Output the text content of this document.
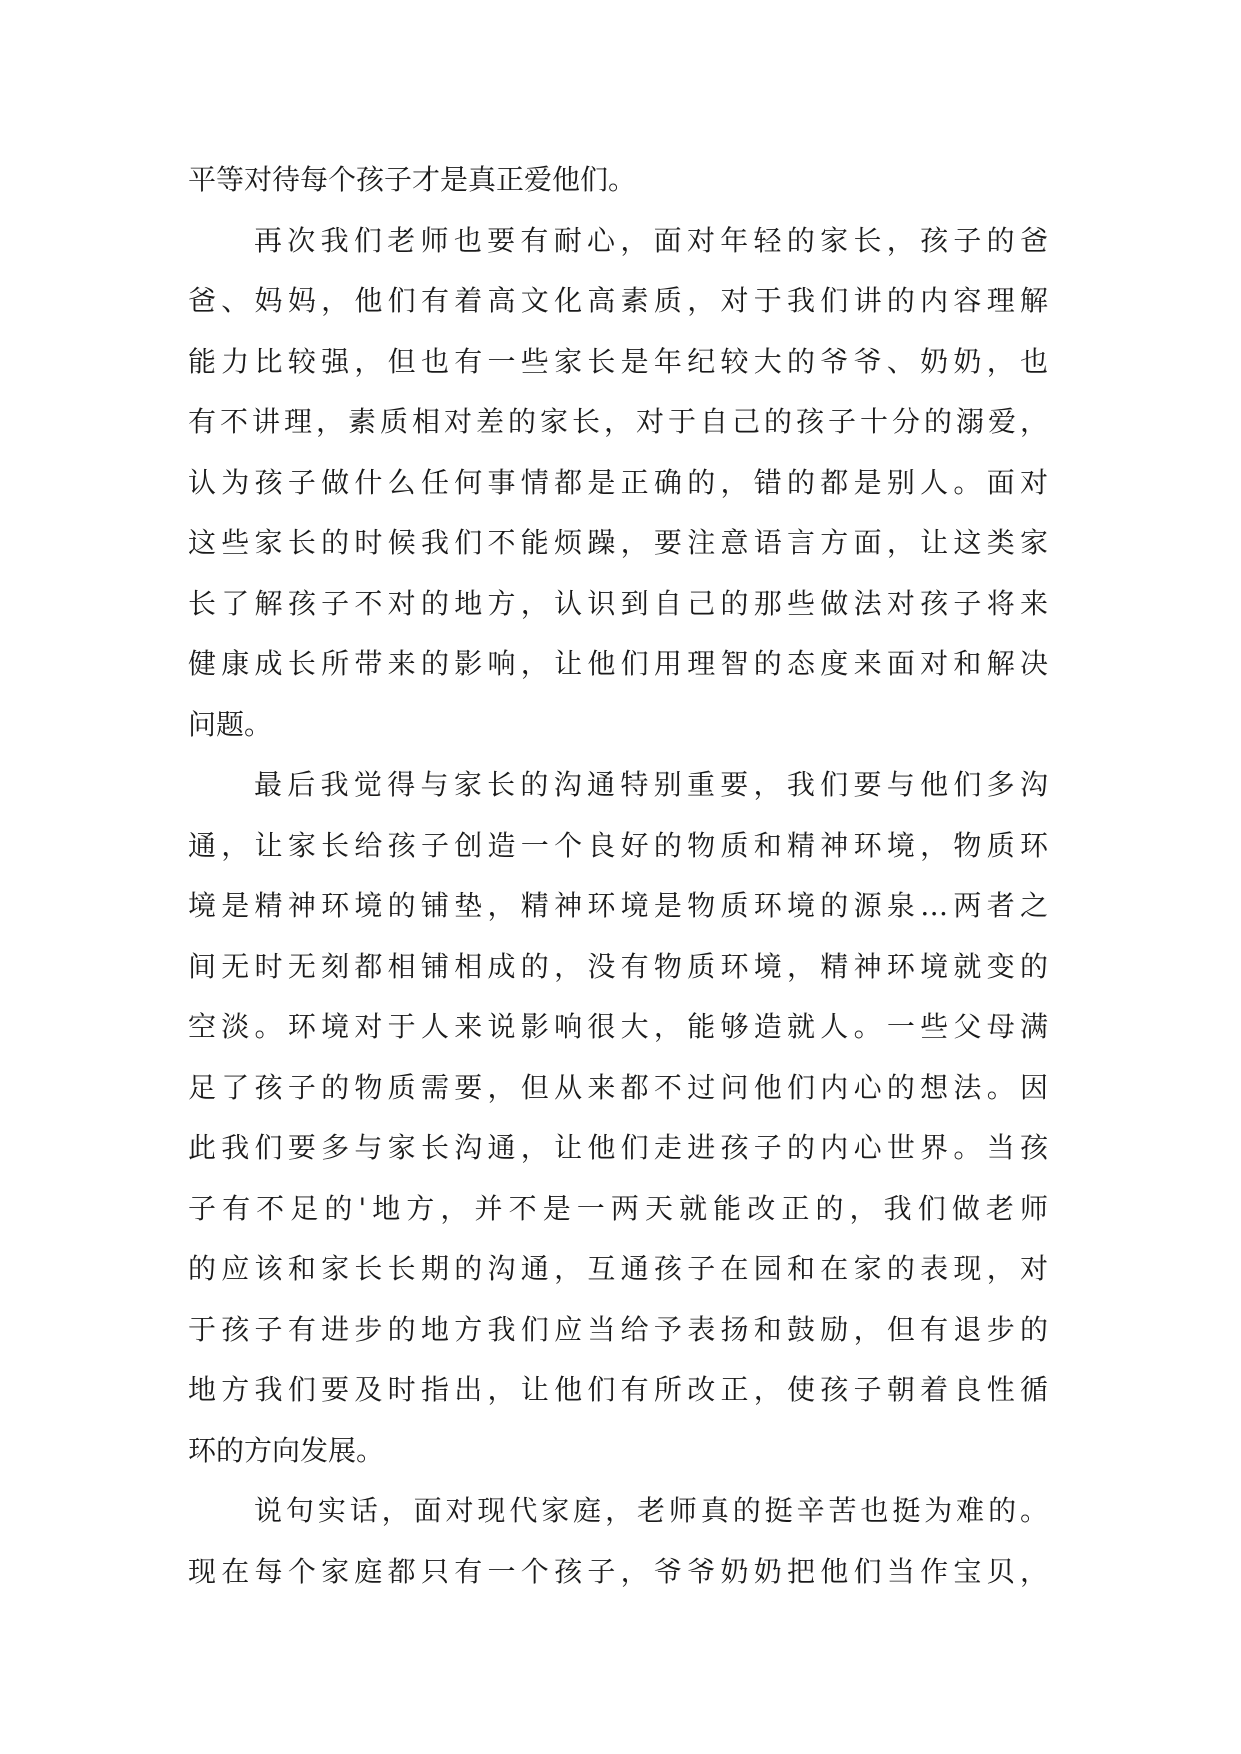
平等对待每个孩子才是真正爱他们。
再次我们老师也要有耐心，面对年轻的家长，孩子的爸
爸、妈妈，他们有着高文化高素质，对于我们讲的内容理解
能力比较强，但也有一些家长是年纪较大的爷爷、奶奶，也
有不讲理，素质相对差的家长，对于自己的孩子十分的溺爱，
认为孩子做什么任何事情都是正确的，错的都是别人。面对
这些家长的时候我们不能烦躁，要注意语言方面，让这类家
长了解孩子不对的地方，认识到自己的那些做法对孩子将来
健康成长所带来的影响，让他们用理智的态度来面对和解决
问题。
最后我觉得与家长的沟通特别重要，我们要与他们多沟
通，让家长给孩子创造一个良好的物质和精神环境，物质环
境是精神环境的铺垫，精神环境是物质环境的源泉…两者之
间无时无刻都相铺相成的，没有物质环境，精神环境就变的
空淡。环境对于人来说影响很大，能够造就人。一些父母满
足了孩子的物质需要，但从来都不过问他们内心的想法。因
此我们要多与家长沟通，让他们走进孩子的内心世界。当孩
子有不足的'地方，并不是一两天就能改正的，我们做老师
的应该和家长长期的沟通，互通孩子在园和在家的表现，对
于孩子有进步的地方我们应当给予表扬和鼓励，但有退步的
地方我们要及时指出，让他们有所改正，使孩子朝着良性循
环的方向发展。
说句实话，面对现代家庭，老师真的挺辛苦也挺为难的。
现在每个家庭都只有一个孩子，爷爷奶奶把他们当作宝贝，
